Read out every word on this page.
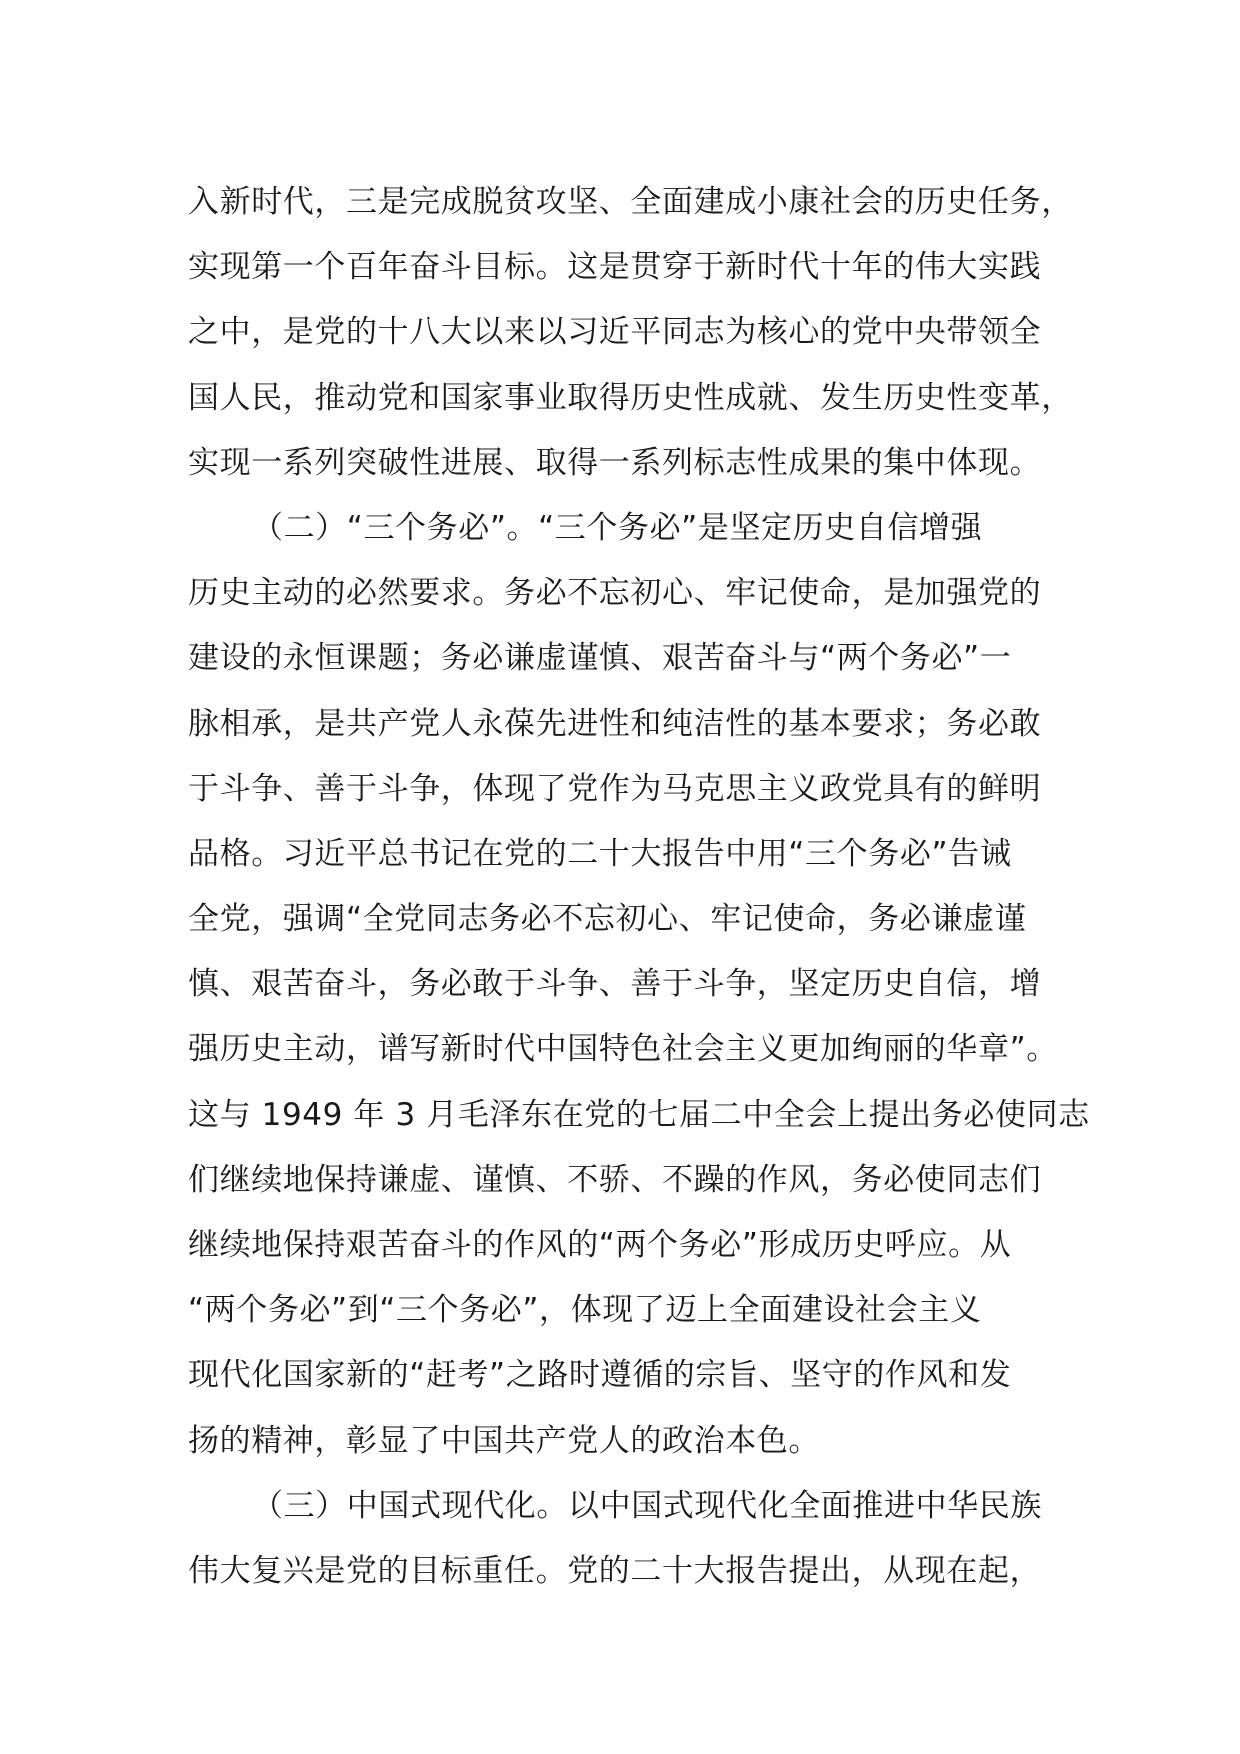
入新时代，三是完成脱贫攻坚、全面建成小康社会的历史任务，
实现第一个百年奋斗目标。这是贯穿于新时代十年的伟大实践
之中，是党的十八大以来以习近平同志为核心的党中央带领全
国人民，推动党和国家事业取得历史性成就、发生历史性变革，
实现一系列突破性进展、取得一系列标志性成果的集中体现。
（二）“三个务必”。“三个务必”是坚定历史自信增强
历史主动的必然要求。务必不忘初心、牢记使命，是加强党的
建设的永恒课题；务必谦虚谨慎、艰苦奋斗与“两个务必”一
脉相承，是共产党人永葆先进性和纯洁性的基本要求；务必敢
于斗争、善于斗争，体现了党作为马克思主义政党具有的鲜明
品格。习近平总书记在党的二十大报告中用“三个务必”告诫
全党，强调“全党同志务必不忘初心、牢记使命，务必谦虚谨
慎、艰苦奋斗，务必敢于斗争、善于斗争，坚定历史自信，增
强历史主动，谱写新时代中国特色社会主义更加绚丽的华章”。
这与 1949 年 3 月毛泽东在党的七届二中全会上提出务必使同志
们继续地保持谦虚、谨慎、不骄、不躁的作风，务必使同志们
继续地保持艰苦奋斗的作风的“两个务必”形成历史呼应。从
“两个务必”到“三个务必”，体现了迈上全面建设社会主义
现代化国家新的“赶考”之路时遵循的宗旨、坚守的作风和发
扬的精神，彰显了中国共产党人的政治本色。
（三）中国式现代化。以中国式现代化全面推进中华民族
伟大复兴是党的目标重任。党的二十大报告提出，从现在起，
